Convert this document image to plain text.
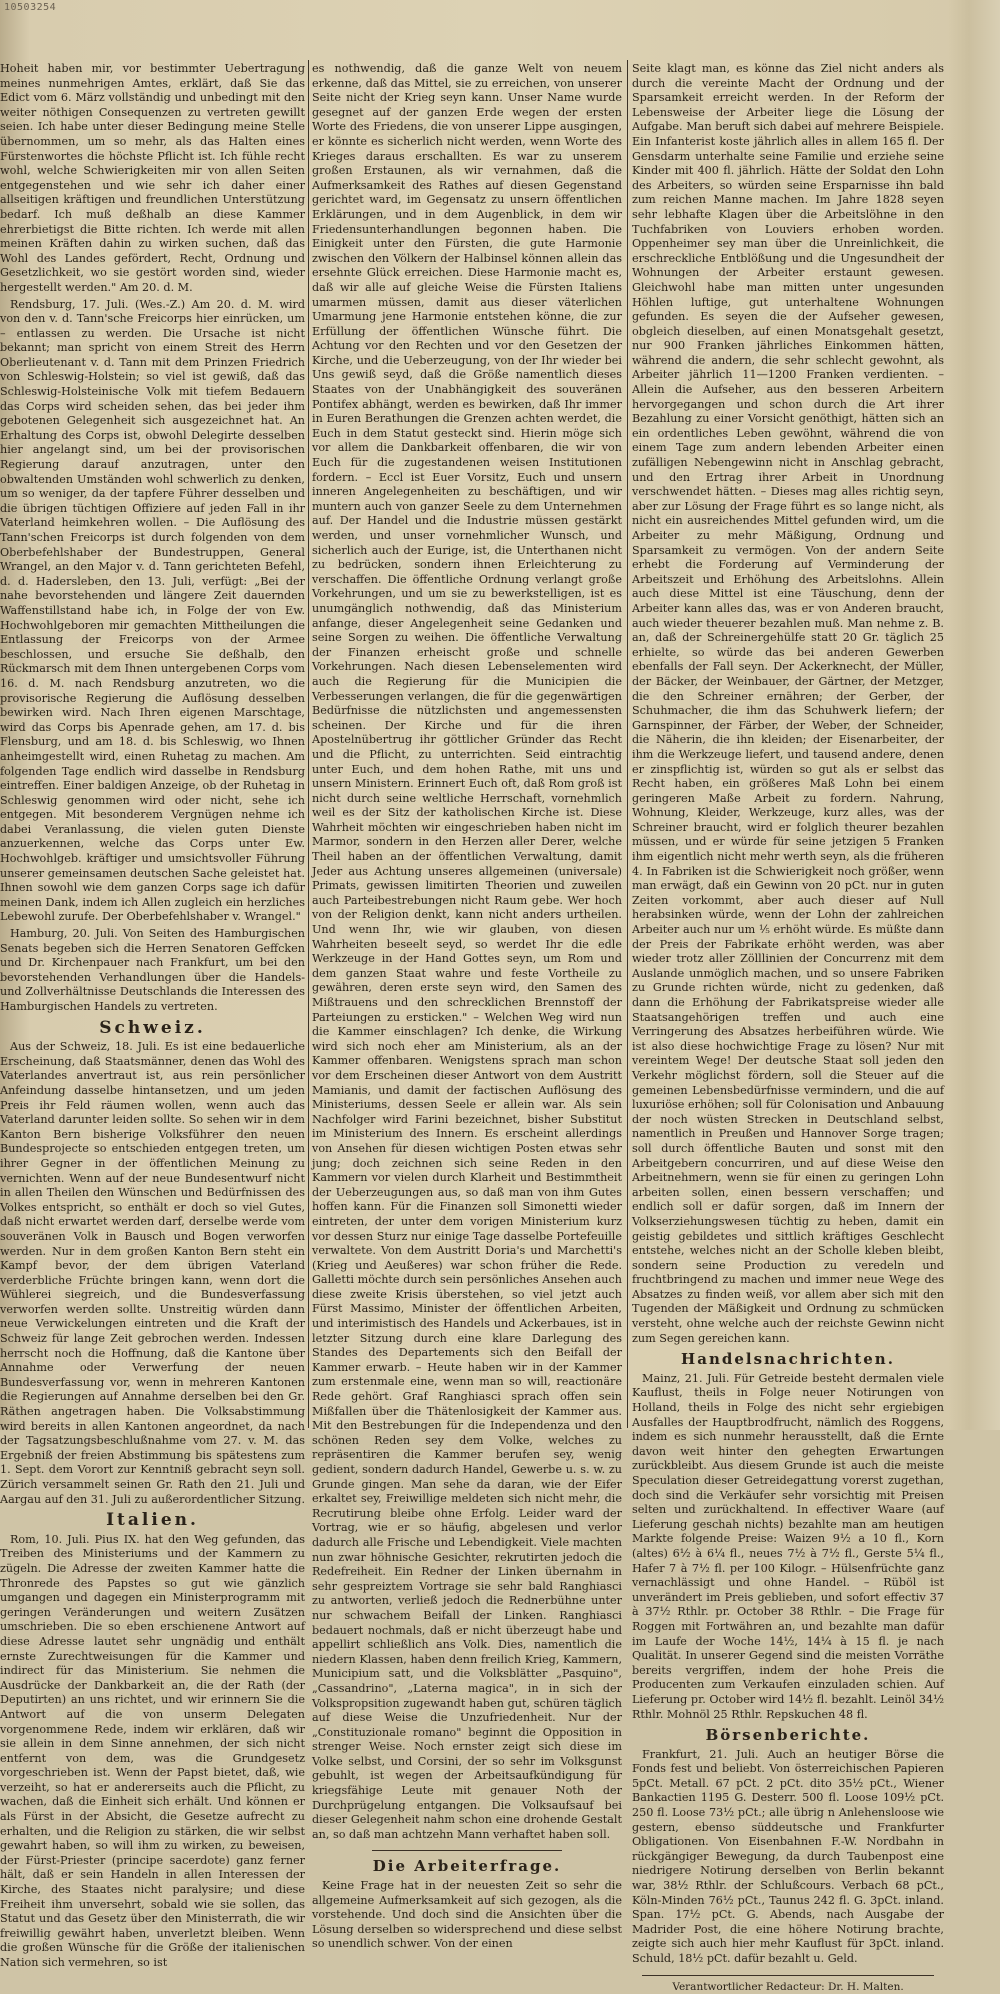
10503254

Hoheit haben mir, vor bestimmter Uebertragung meines nunmehrigen Amtes, erklärt, daß Sie das Edict vom 6. März vollständig und unbedingt mit den weiter nöthigen Consequenzen zu vertreten gewillt seien. Ich habe unter dieser Bedingung meine Stelle übernommen, um so mehr, als das Halten eines Fürstenwortes die höchste Pflicht ist. Ich fühle recht wohl, welche Schwierigkeiten mir von allen Seiten entgegenstehen und wie sehr ich daher einer allseitigen kräftigen und freundlichen Unterstützung bedarf. Ich muß deßhalb an diese Kammer ehrerbietigst die Bitte richten. Ich werde mit allen meinen Kräften dahin zu wirken suchen, daß das Wohl des Landes gefördert, Recht, Ordnung und Gesetzlichkeit, wo sie gestört worden sind, wieder hergestellt werden." Am 20. d. M.

Rendsburg, 17. Juli. (Wes.-Z.) Am 20. d. M. wird von den v. d. Tann'sche Freicorps hier einrücken, um – entlassen zu werden. Die Ursache ist nicht bekannt; man spricht von einem Streit des Herrn Oberlieutenant v. d. Tann mit dem Prinzen Friedrich von Schleswig-Holstein; so viel ist gewiß, daß das Schleswig-Holsteinische Volk mit tiefem Bedauern das Corps wird scheiden sehen, das bei jeder ihm gebotenen Gelegenheit sich ausgezeichnet hat. An Erhaltung des Corps ist, obwohl Delegirte desselben hier angelangt sind, um bei der provisorischen Regierung darauf anzutragen, unter den obwaltenden Umständen wohl schwerlich zu denken, um so weniger, da der tapfere Führer desselben und die übrigen tüchtigen Offiziere auf jeden Fall in ihr Vaterland heimkehren wollen. – Die Auflösung des Tann'schen Freicorps ist durch folgenden von dem Oberbefehlshaber der Bundestruppen, General Wrangel, an den Major v. d. Tann gerichteten Befehl, d. d. Hadersleben, den 13. Juli, verfügt: „Bei der nahe bevorstehenden und längere Zeit dauernden Waffenstillstand habe ich, in Folge der von Ew. Hochwohlgeboren mir gemachten Mittheilungen die Entlassung der Freicorps von der Armee beschlossen, und ersuche Sie deßhalb, den Rückmarsch mit dem Ihnen untergebenen Corps vom 16. d. M. nach Rendsburg anzutreten, wo die provisorische Regierung die Auflösung desselben bewirken wird. Nach Ihren eigenen Marschtage, wird das Corps bis Apenrade gehen, am 17. d. bis Flensburg, und am 18. d. bis Schleswig, wo Ihnen anheimgestellt wird, einen Ruhetag zu machen. Am folgenden Tage endlich wird dasselbe in Rendsburg eintreffen. Einer baldigen Anzeige, ob der Ruhetag in Schleswig genommen wird oder nicht, sehe ich entgegen. Mit besonderem Vergnügen nehme ich dabei Veranlassung, die vielen guten Dienste anzuerkennen, welche das Corps unter Ew. Hochwohlgeb. kräftiger und umsichtsvoller Führung unserer gemeinsamen deutschen Sache geleistet hat. Ihnen sowohl wie dem ganzen Corps sage ich dafür meinen Dank, indem ich Allen zugleich ein herzliches Lebewohl zurufe. Der Oberbefehlshaber v. Wrangel."

Hamburg, 20. Juli. Von Seiten des Hamburgischen Senats begeben sich die Herren Senatoren Geffcken und Dr. Kirchenpauer nach Frankfurt, um bei den bevorstehenden Verhandlungen über die Handels- und Zollverhältnisse Deutschlands die Interessen des Hamburgischen Handels zu vertreten.

Schweiz.

Aus der Schweiz, 18. Juli. Es ist eine bedauerliche Erscheinung, daß Staatsmänner, denen das Wohl des Vaterlandes anvertraut ist, aus rein persönlicher Anfeindung dasselbe hintansetzen, und um jeden Preis ihr Feld räumen wollen, wenn auch das Vaterland darunter leiden sollte. So sehen wir in dem Kanton Bern bisherige Volksführer den neuen Bundesprojecte so entschieden entgegen treten, um ihrer Gegner in der öffentlichen Meinung zu vernichten. Wenn auf der neue Bundesentwurf nicht in allen Theilen den Wünschen und Bedürfnissen des Volkes entspricht, so enthält er doch so viel Gutes, daß nicht erwartet werden darf, derselbe werde vom souveränen Volk in Bausch und Bogen verworfen werden. Nur in dem großen Kanton Bern steht ein Kampf bevor, der dem übrigen Vaterland verderbliche Früchte bringen kann, wenn dort die Wühlerei siegreich, und die Bundesverfassung verworfen werden sollte. Unstreitig würden dann neue Verwickelungen eintreten und die Kraft der Schweiz für lange Zeit gebrochen werden. Indessen herrscht noch die Hoffnung, daß die Kantone über Annahme oder Verwerfung der neuen Bundesverfassung vor, wenn in mehreren Kantonen die Regierungen auf Annahme derselben bei den Gr. Räthen angetragen haben. Die Volksabstimmung wird bereits in allen Kantonen angeordnet, da nach der Tagsatzungsbeschlußnahme vom 27. v. M. das Ergebniß der freien Abstimmung bis spätestens zum 1. Sept. dem Vorort zur Kenntniß gebracht seyn soll. Zürich versammelt seinen Gr. Rath den 21. Juli und Aargau auf den 31. Juli zu außerordentlicher Sitzung.

Italien.

Rom, 10. Juli. Pius IX. hat den Weg gefunden, das Treiben des Ministeriums und der Kammern zu zügeln. Die Adresse der zweiten Kammer hatte die Thronrede des Papstes so gut wie gänzlich umgangen und dagegen ein Ministerprogramm mit geringen Veränderungen und weitern Zusätzen umschrieben. Die so eben erschienene Antwort auf diese Adresse lautet sehr ungnädig und enthält ernste Zurechtweisungen für die Kammer und indirect für das Ministerium. Sie nehmen die Ausdrücke der Dankbarkeit an, die der Rath (der Deputirten) an uns richtet, und wir erinnern Sie die Antwort auf die von unserm Delegaten vorgenommene Rede, indem wir erklären, daß wir sie allein in dem Sinne annehmen, der sich nicht entfernt von dem, was die Grundgesetz vorgeschrieben ist. Wenn der Papst bietet, daß, wie verzeiht, so hat er andererseits auch die Pflicht, zu wachen, daß die Einheit sich erhält. Und können er als Fürst in der Absicht, die Gesetze aufrecht zu erhalten, und die Religion zu stärken, die wir selbst gewahrt haben, so will ihm zu wirken, zu beweisen, der Fürst-Priester (principe sacerdote) ganz ferner hält, daß er sein Handeln in allen Interessen der Kirche, des Staates nicht paralysire; und diese Freiheit ihm unversehrt, sobald wie sie sollen, das Statut und das Gesetz über den Ministerrath, die wir freiwillig gewährt haben, unverletzt bleiben. Wenn die großen Wünsche für die Größe der italienischen Nation sich vermehren, so ist

es nothwendig, daß die ganze Welt von neuem erkenne, daß das Mittel, sie zu erreichen, von unserer Seite nicht der Krieg seyn kann. Unser Name wurde gesegnet auf der ganzen Erde wegen der ersten Worte des Friedens, die von unserer Lippe ausgingen, er könnte es sicherlich nicht werden, wenn Worte des Krieges daraus erschallten. Es war zu unserem großen Erstaunen, als wir vernahmen, daß die Aufmerksamkeit des Rathes auf diesen Gegenstand gerichtet ward, im Gegensatz zu unsern öffentlichen Erklärungen, und in dem Augenblick, in dem wir Friedensunterhandlungen begonnen haben. Die Einigkeit unter den Fürsten, die gute Harmonie zwischen den Völkern der Halbinsel können allein das ersehnte Glück erreichen. Diese Harmonie macht es, daß wir alle auf gleiche Weise die Fürsten Italiens umarmen müssen, damit aus dieser väterlichen Umarmung jene Harmonie entstehen könne, die zur Erfüllung der öffentlichen Wünsche führt. Die Achtung vor den Rechten und vor den Gesetzen der Kirche, und die Ueberzeugung, von der Ihr wieder bei Uns gewiß seyd, daß die Größe namentlich dieses Staates von der Unabhängigkeit des souveränen Pontifex abhängt, werden es bewirken, daß Ihr immer in Euren Berathungen die Grenzen achten werdet, die Euch in dem Statut gesteckt sind. Hierin möge sich vor allem die Dankbarkeit offenbaren, die wir von Euch für die zugestandenen weisen Institutionen fordern. – Eccl ist Euer Vorsitz, Euch und unsern inneren Angelegenheiten zu beschäftigen, und wir muntern auch von ganzer Seele zu dem Unternehmen auf. Der Handel und die Industrie müssen gestärkt werden, und unser vornehmlicher Wunsch, und sicherlich auch der Eurige, ist, die Unterthanen nicht zu bedrücken, sondern ihnen Erleichterung zu verschaffen. Die öffentliche Ordnung verlangt große Vorkehrungen, und um sie zu bewerkstelligen, ist es unumgänglich nothwendig, daß das Ministerium anfange, dieser Angelegenheit seine Gedanken und seine Sorgen zu weihen. Die öffentliche Verwaltung der Finanzen erheischt große und schnelle Vorkehrungen. Nach diesen Lebenselementen wird auch die Regierung für die Municipien die Verbesserungen verlangen, die für die gegenwärtigen Bedürfnisse die nützlichsten und angemessensten scheinen. Der Kirche und für die ihren Apostelnübertrug ihr göttlicher Gründer das Recht und die Pflicht, zu unterrichten. Seid eintrachtig unter Euch, und dem hohen Rathe, mit uns und unsern Ministern. Erinnert Euch oft, daß Rom groß ist nicht durch seine weltliche Herrschaft, vornehmlich weil es der Sitz der katholischen Kirche ist. Diese Wahrheit möchten wir eingeschrieben haben nicht im Marmor, sondern in den Herzen aller Derer, welche Theil haben an der öffentlichen Verwaltung, damit Jeder aus Achtung unseres allgemeinen (universale) Primats, gewissen limitirten Theorien und zuweilen auch Parteibestrebungen nicht Raum gebe. Wer hoch von der Religion denkt, kann nicht anders urtheilen. Und wenn Ihr, wie wir glauben, von diesen Wahrheiten beseelt seyd, so werdet Ihr die edle Werkzeuge in der Hand Gottes seyn, um Rom und dem ganzen Staat wahre und feste Vortheile zu gewähren, deren erste seyn wird, den Samen des Mißtrauens und den schrecklichen Brennstoff der Parteiungen zu ersticken." – Welchen Weg wird nun die Kammer einschlagen? Ich denke, die Wirkung wird sich noch eher am Ministerium, als an der Kammer offenbaren. Wenigstens sprach man schon vor dem Erscheinen dieser Antwort von dem Austritt Mamianis, und damit der factischen Auflösung des Ministeriums, dessen Seele er allein war. Als sein Nachfolger wird Farini bezeichnet, bisher Substitut im Ministerium des Innern. Es erscheint allerdings von Ansehen für diesen wichtigen Posten etwas sehr jung; doch zeichnen sich seine Reden in den Kammern vor vielen durch Klarheit und Bestimmtheit der Ueberzeugungen aus, so daß man von ihm Gutes hoffen kann. Für die Finanzen soll Simonetti wieder eintreten, der unter dem vorigen Ministerium kurz vor dessen Sturz nur einige Tage dasselbe Portefeuille verwaltete. Von dem Austritt Doria's und Marchetti's (Krieg und Aeußeres) war schon früher die Rede. Galletti möchte durch sein persönliches Ansehen auch diese zweite Krisis überstehen, so viel jetzt auch Fürst Massimo, Minister der öffentlichen Arbeiten, und interimistisch des Handels und Ackerbaues, ist in letzter Sitzung durch eine klare Darlegung des Standes des Departements sich den Beifall der Kammer erwarb. – Heute haben wir in der Kammer zum erstenmale eine, wenn man so will, reactionäre Rede gehört. Graf Ranghiasci sprach offen sein Mißfallen über die Thätenlosigkeit der Kammer aus. Mit den Bestrebungen für die Independenza und den schönen Reden sey dem Volke, welches zu repräsentiren die Kammer berufen sey, wenig gedient, sondern dadurch Handel, Gewerbe u. s. w. zu Grunde gingen. Man sehe da daran, wie der Eifer erkaltet sey, Freiwillige meldeten sich nicht mehr, die Recrutirung bleibe ohne Erfolg. Leider ward der Vortrag, wie er so häufig, abgelesen und verlor dadurch alle Frische und Lebendigkeit. Viele machten nun zwar höhnische Gesichter, rekrutirten jedoch die Redefreiheit. Ein Redner der Linken übernahm in sehr gespreiztem Vortrage sie sehr bald Ranghiasci zu antworten, verließ jedoch die Rednerbühne unter nur schwachem Beifall der Linken. Ranghiasci bedauert nochmals, daß er nicht überzeugt habe und appellirt schließlich ans Volk. Dies, namentlich die niedern Klassen, haben denn freilich Krieg, Kammern, Municipium satt, und die Volksblätter „Pasquino", „Cassandrino", „Laterna magica", in in sich der Volkspropsition zugewandt haben gut, schüren täglich auf diese Weise die Unzufriedenheit. Nur der „Constituzionale romano" beginnt die Opposition in strenger Weise. Noch ernster zeigt sich diese im Volke selbst, und Corsini, der so sehr im Volksgunst gebuhlt, ist wegen der Arbeitsaufkündigung für kriegsfähige Leute mit genauer Noth der Durchprügelung entgangen. Die Volksaufsauf bei dieser Gelegenheit nahm schon eine drohende Gestalt an, so daß man achtzehn Mann verhaftet haben soll.

Die Arbeiterfrage.

Keine Frage hat in der neuesten Zeit so sehr die allgemeine Aufmerksamkeit auf sich gezogen, als die vorstehende. Und doch sind die Ansichten über die Lösung derselben so widersprechend und diese selbst so unendlich schwer. Von der einen

Seite klagt man, es könne das Ziel nicht anders als durch die vereinte Macht der Ordnung und der Sparsamkeit erreicht werden. In der Reform der Lebensweise der Arbeiter liege die Lösung der Aufgabe. Man beruft sich dabei auf mehrere Beispiele. Ein Infanterist koste jährlich alles in allem 165 fl. Der Gensdarm unterhalte seine Familie und erziehe seine Kinder mit 400 fl. jährlich. Hätte der Soldat den Lohn des Arbeiters, so würden seine Ersparnisse ihn bald zum reichen Manne machen. Im Jahre 1828 seyen sehr lebhafte Klagen über die Arbeitslöhne in den Tuchfabriken von Louviers erhoben worden. Oppenheimer sey man über die Unreinlichkeit, die erschreckliche Entblößung und die Ungesundheit der Wohnungen der Arbeiter erstaunt gewesen. Gleichwohl habe man mitten unter ungesunden Höhlen luftige, gut unterhaltene Wohnungen gefunden. Es seyen die der Aufseher gewesen, obgleich dieselben, auf einen Monatsgehalt gesetzt, nur 900 Franken jährliches Einkommen hätten, während die andern, die sehr schlecht gewohnt, als Arbeiter jährlich 11—1200 Franken verdienten. – Allein die Aufseher, aus den besseren Arbeitern hervorgegangen und schon durch die Art ihrer Bezahlung zu einer Vorsicht genöthigt, hätten sich an ein ordentliches Leben gewöhnt, während die von einem Tage zum andern lebenden Arbeiter einen zufälligen Nebengewinn nicht in Anschlag gebracht, und den Ertrag ihrer Arbeit in Unordnung verschwendet hätten. – Dieses mag alles richtig seyn, aber zur Lösung der Frage führt es so lange nicht, als nicht ein ausreichendes Mittel gefunden wird, um die Arbeiter zu mehr Mäßigung, Ordnung und Sparsamkeit zu vermögen. Von der andern Seite erhebt die Forderung auf Verminderung der Arbeitszeit und Erhöhung des Arbeitslohns. Allein auch diese Mittel ist eine Täuschung, denn der Arbeiter kann alles das, was er von Anderen braucht, auch wieder theuerer bezahlen muß. Man nehme z. B. an, daß der Schreinergehülfe statt 20 Gr. täglich 25 erhielte, so würde das bei anderen Gewerben ebenfalls der Fall seyn. Der Ackerknecht, der Müller, der Bäcker, der Weinbauer, der Gärtner, der Metzger, die den Schreiner ernähren; der Gerber, der Schuhmacher, die ihm das Schuhwerk liefern; der Garnspinner, der Färber, der Weber, der Schneider, die Näherin, die ihn kleiden; der Eisenarbeiter, der ihm die Werkzeuge liefert, und tausend andere, denen er zinspflichtig ist, würden so gut als er selbst das Recht haben, ein größeres Maß Lohn bei einem geringeren Maße Arbeit zu fordern. Nahrung, Wohnung, Kleider, Werkzeuge, kurz alles, was der Schreiner braucht, wird er folglich theurer bezahlen müssen, und er würde für seine jetzigen 5 Franken ihm eigentlich nicht mehr werth seyn, als die früheren 4. In Fabriken ist die Schwierigkeit noch größer, wenn man erwägt, daß ein Gewinn von 20 pCt. nur in guten Zeiten vorkommt, aber auch dieser auf Null herabsinken würde, wenn der Lohn der zahlreichen Arbeiter auch nur um ⅕ erhöht würde. Es müßte dann der Preis der Fabrikate erhöht werden, was aber wieder trotz aller Zölllinien der Concurrenz mit dem Auslande unmöglich machen, und so unsere Fabriken zu Grunde richten würde, nicht zu gedenken, daß dann die Erhöhung der Fabrikatspreise wieder alle Staatsangehörigen treffen und auch eine Verringerung des Absatzes herbeiführen würde. Wie ist also diese hochwichtige Frage zu lösen? Nur mit vereintem Wege! Der deutsche Staat soll jeden den Verkehr möglichst fördern, soll die Steuer auf die gemeinen Lebensbedürfnisse vermindern, und die auf luxuriöse erhöhen; soll für Colonisation und Anbauung der noch wüsten Strecken in Deutschland selbst, namentlich in Preußen und Hannover Sorge tragen; soll durch öffentliche Bauten und sonst mit den Arbeitgebern concurriren, und auf diese Weise den Arbeitnehmern, wenn sie für einen zu geringen Lohn arbeiten sollen, einen bessern verschaffen; und endlich soll er dafür sorgen, daß im Innern der Volkserziehungswesen tüchtig zu heben, damit ein geistig gebildetes und sittlich kräftiges Geschlecht entstehe, welches nicht an der Scholle kleben bleibt, sondern seine Production zu veredeln und fruchtbringend zu machen und immer neue Wege des Absatzes zu finden weiß, vor allem aber sich mit den Tugenden der Mäßigkeit und Ordnung zu schmücken versteht, ohne welche auch der reichste Gewinn nicht zum Segen gereichen kann.

Handelsnachrichten.

Mainz, 21. Juli. Für Getreide besteht dermalen viele Kauflust, theils in Folge neuer Notirungen von Holland, theils in Folge des nicht sehr ergiebigen Ausfalles der Hauptbrodfrucht, nämlich des Roggens, indem es sich nunmehr herausstellt, daß die Ernte davon weit hinter den gehegten Erwartungen zurückbleibt. Aus diesem Grunde ist auch die meiste Speculation dieser Getreidegattung vorerst zugethan, doch sind die Verkäufer sehr vorsichtig mit Preisen selten und zurückhaltend. In effectiver Waare (auf Lieferung geschah nichts) bezahlte man am heutigen Markte folgende Preise: Waizen 9⅟₂ a 10 fl., Korn (altes) 6⅟₂ à 6⅟₄ fl., neues 7⅟₂ à 7⅟₂ fl., Gerste 5⅟₄ fl., Hafer 7 à 7⅟₂ fl. per 100 Kilogr. – Hülsenfrüchte ganz vernachlässigt und ohne Handel. – Rüböl ist unverändert im Preis geblieben, und sofort effectiv 37 à 37⅟₂ Rthlr. pr. October 38 Rthlr. – Die Frage für Roggen mit Fortwähren an, und bezahlte man dafür im Laufe der Woche 14⅟₂, 14⅟₄ à 15 fl. je nach Qualität. In unserer Gegend sind die meisten Vorräthe bereits vergriffen, indem der hohe Preis die Producenten zum Verkaufen einzuladen schien. Auf Lieferung pr. October wird 14⅟₂ fl. bezahlt. Leinöl 34⅟₂ Rthlr. Mohnöl 25 Rthlr. Repskuchen 48 fl.

Börsenberichte.

Frankfurt, 21. Juli. Auch an heutiger Börse die Fonds fest und beliebt. Von österreichischen Papieren 5pCt. Metall. 67 pCt. 2 pCt. dito 35⅟₂ pCt., Wiener Bankactien 1195 G. Desterr. 500 fl. Loose 109⅟₂ pCt. 250 fl. Loose 73⅟₂ pCt.; alle übrig n Anlehensloose wie gestern, ebenso süddeutsche und Frankfurter Obligationen. Von Eisenbahnen F.-W. Nordbahn in rückgängiger Bewegung, da durch Taubenpost eine niedrigere Notirung derselben von Berlin bekannt war, 38⅟₂ Rthlr. der Schlußcours. Verbach 68 pCt., Köln-Minden 76⅟₂ pCt., Taunus 242 fl. G. 3pCt. inland. Span. 17⅟₂ pCt. G. Abends, nach Ausgabe der Madrider Post, die eine höhere Notirung brachte, zeigte sich auch hier mehr Kauflust für 3pCt. inland. Schuld, 18⅟₂ pCt. dafür bezahlt u. Geld.

Verantwortlicher Redacteur: Dr. H. Malten.
